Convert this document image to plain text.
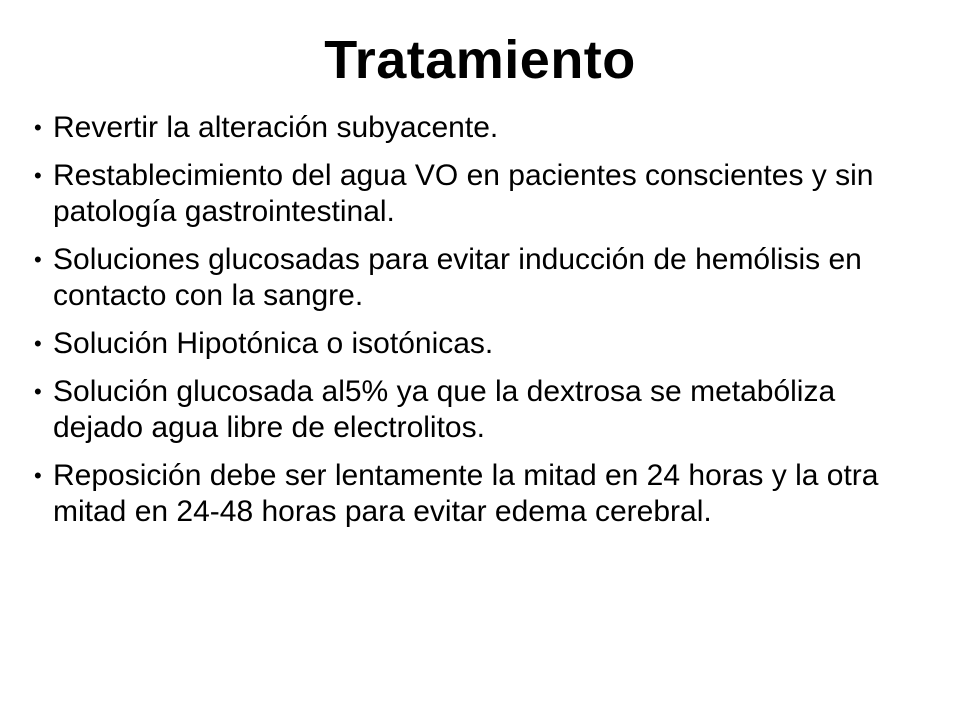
Tratamiento
• Revertir la alteración subyacente.
• Restablecimiento del agua VO en pacientes conscientes y sin patología gastrointestinal.
• Soluciones glucosadas para evitar inducción de hemólisis en contacto con la sangre.
• Solución Hipotónica o isotónicas.
• Solución glucosada al5% ya que la dextrosa se metabóliza dejado agua libre de electrolitos.
• Reposición debe ser lentamente la mitad en 24 horas y la otra mitad en 24-48 horas para evitar edema cerebral.
